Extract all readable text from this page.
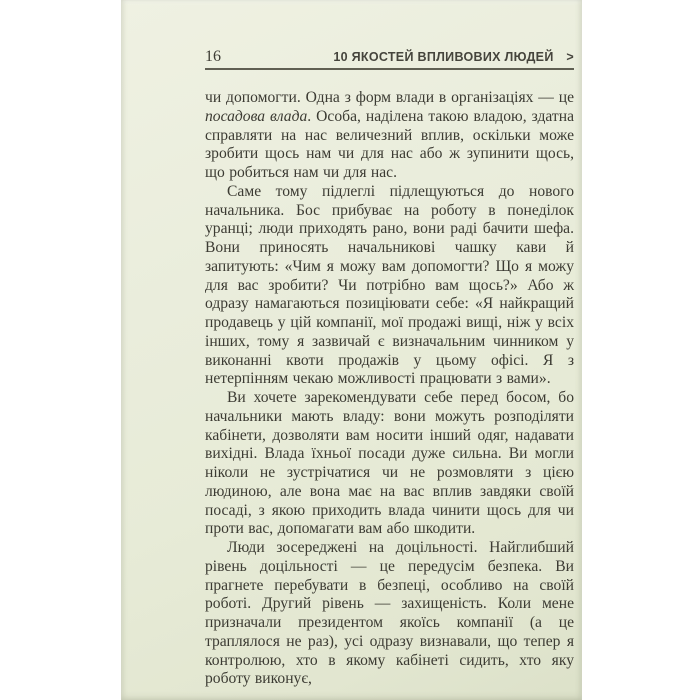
16	10 ЯКОСТЕЙ ВПЛИВОВИХ ЛЮДЕЙ >

чи допомогти. Одна з форм влади в організаціях — це посадова влада. Особа, наділена такою владою, здатна справляти на нас величезний вплив, оскільки може зробити щось нам чи для нас або ж зупинити щось, що робиться нам чи для нас.

Саме тому підлеглі підлещуються до нового начальника. Бос прибуває на роботу в понеділок уранці; люди приходять рано, вони раді бачити шефа. Вони приносять начальникові чашку кави й запитують: «Чим я можу вам допомогти? Що я можу для вас зробити? Чи потрібно вам щось?» Або ж одразу намагаються позиціювати себе: «Я найкращий продавець у цій компанії, мої продажі вищі, ніж у всіх інших, тому я зазвичай є визначальним чинником у виконанні квоти продажів у цьому офісі. Я з нетерпінням чекаю можливості працювати з вами».

Ви хочете зарекомендувати себе перед босом, бо начальники мають владу: вони можуть розподіляти кабінети, дозволяти вам носити інший одяг, надавати вихідні. Влада їхньої посади дуже сильна. Ви могли ніколи не зустрічатися чи не розмовляти з цією людиною, але вона має на вас вплив завдяки своїй посаді, з якою приходить влада чинити щось для чи проти вас, допомагати вам або шкодити.

Люди зосереджені на доцільності. Найглибший рівень доцільності — це передусім безпека. Ви прагнете перебувати в безпеці, особливо на своїй роботі. Другий рівень — захищеність. Коли мене призначали президентом якоїсь компанії (а це траплялося не раз), усі одразу визнавали, що тепер я контролюю, хто в якому кабінеті сидить, хто яку роботу виконує,
